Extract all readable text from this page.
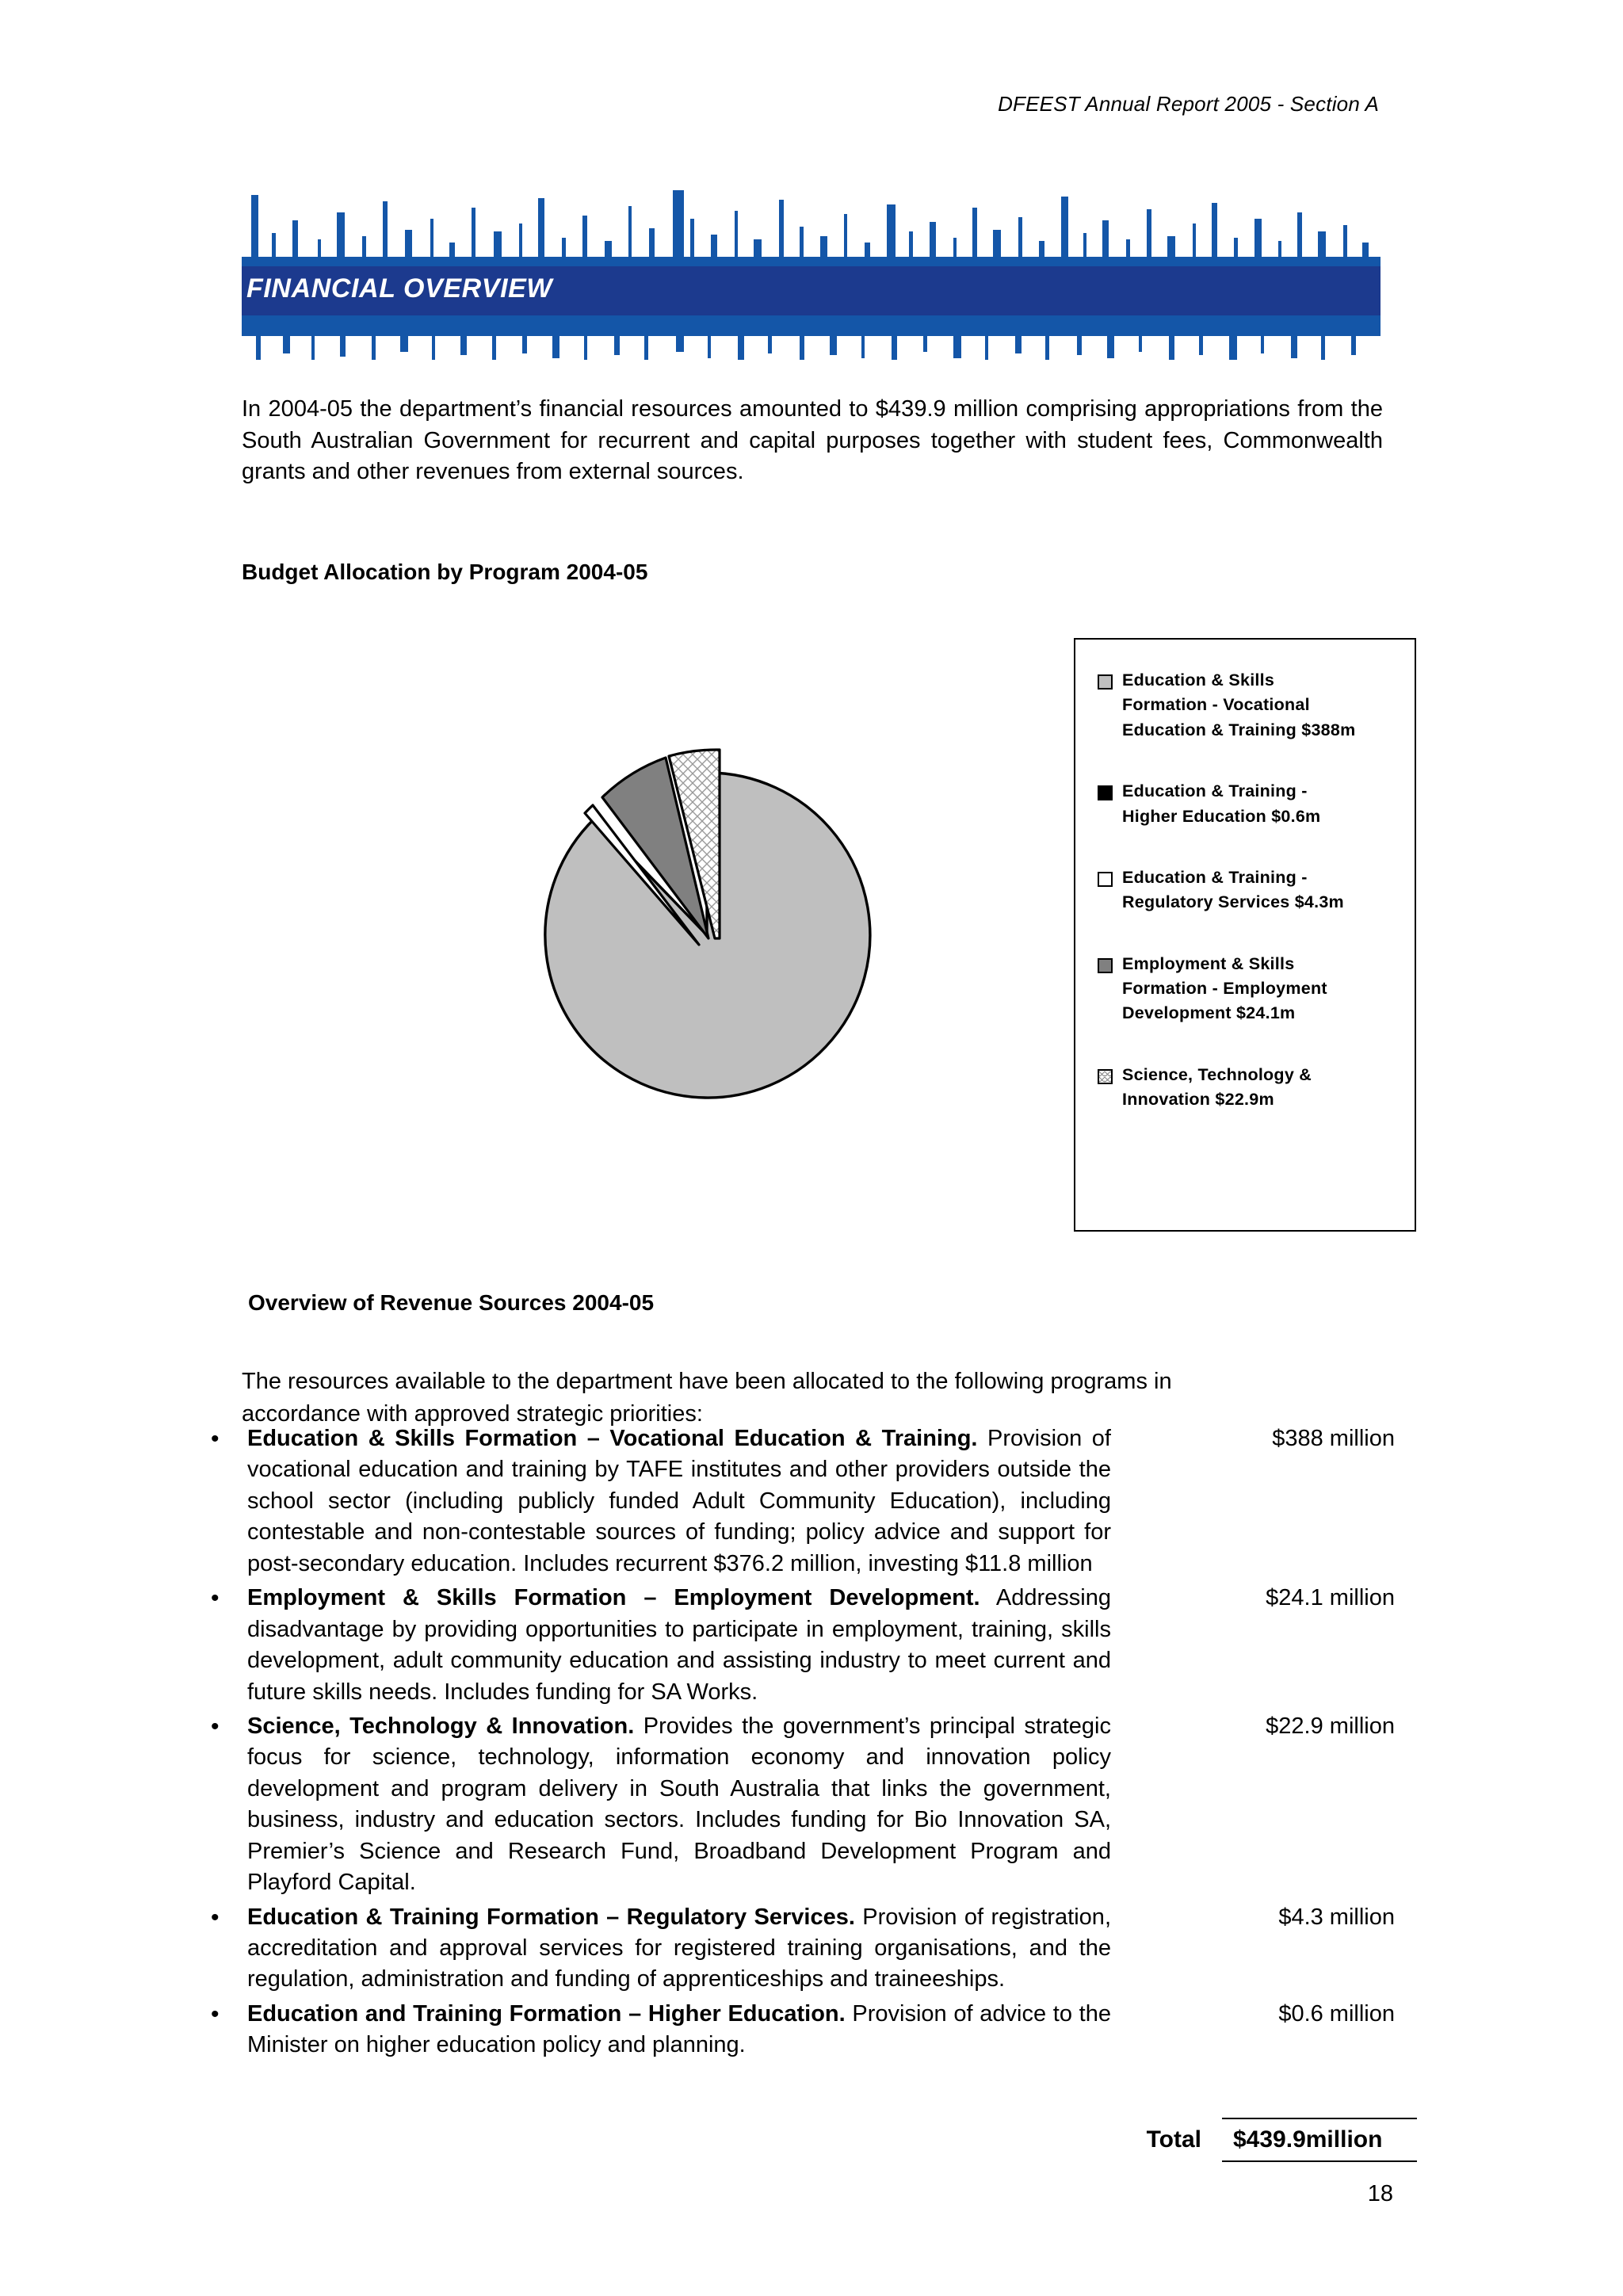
DFEEST Annual Report 2005 - Section A
FINANCIAL OVERVIEW

In 2004-05 the department’s financial resources amounted to $439.9 million comprising appropriations from the South Australian Government for recurrent and capital purposes together with student fees, Commonwealth grants and other revenues from external sources.

Budget Allocation by Program 2004-05
Education & Skills
Formation - Vocational
Education & Training $388m
Education & Training -
Higher Education $0.6m
Education & Training -
Regulatory Services $4.3m
Employment & Skills
Formation - Employment
Development $24.1m
Science, Technology &
Innovation $22.9m
Overview of Revenue Sources 2004-05

The resources available to the department have been allocated to the following programs in accordance with approved strategic priorities:

•	Education & Skills Formation – Vocational Education & Training. Provision of vocational education and training by TAFE institutes and other providers outside the school sector (including publicly funded Adult Community Education), including contestable and non-contestable sources of funding; policy advice and support for post-secondary education. Includes recurrent $376.2 million, investing $11.8 million
$388 million
•	Employment & Skills Formation – Employment Development. Addressing disadvantage by providing opportunities to participate in employment, training, skills development, adult community education and assisting industry to meet current and future skills needs. Includes funding for SA Works.
$24.1 million
•	Science, Technology & Innovation. Provides the government’s principal strategic focus for science, technology, information economy and innovation policy development and program delivery in South Australia that links the government, business, industry and education sectors. Includes funding for Bio Innovation SA, Premier’s Science and Research Fund, Broadband Development Program and Playford Capital.
$22.9 million
•	Education & Training Formation – Regulatory Services. Provision of registration, accreditation and approval services for registered training organisations, and the regulation, administration and funding of apprenticeships and traineeships.
$4.3 million
•	Education and Training Formation – Higher Education. Provision of advice to the Minister on higher education policy and planning.
$0.6 million
Total	$439.9million
18
